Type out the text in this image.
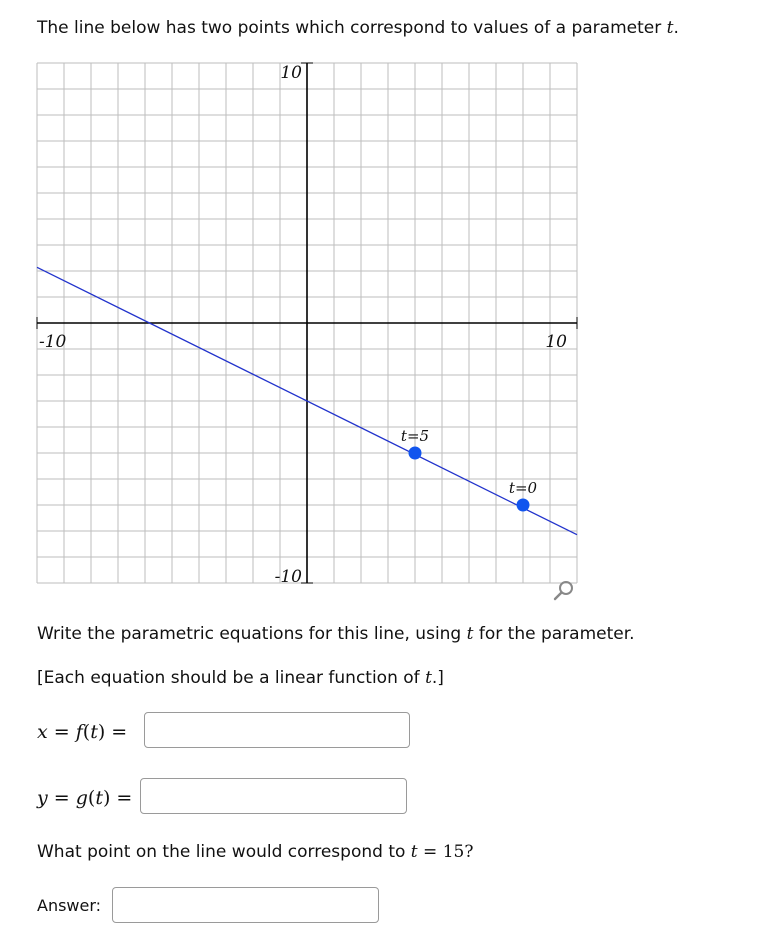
The line below has two points which correspond to values of a parameter t.
10
-10
-10	10
t=5
t=0
Write the parametric equations for this line, using t for the parameter.
[Each equation should be a linear function of t.]
x = f(t) =
y = g(t) =
What point on the line would correspond to t = 15?
Answer:
